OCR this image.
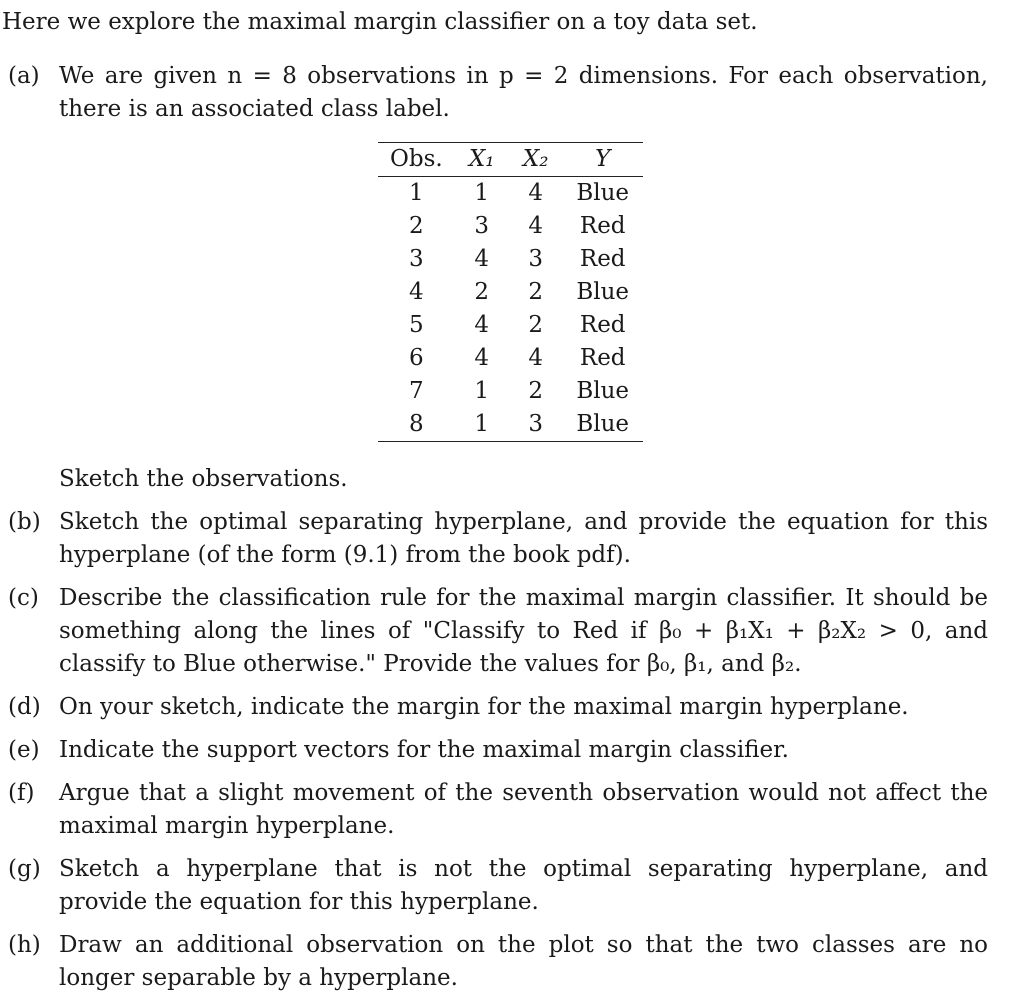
Here we explore the maximal margin classifier on a toy data set.

(a) We are given n = 8 observations in p = 2 dimensions. For each observation, there is an associated class label.
Obs.	X₁	X₂	Y
1	1	4	Blue
2	3	4	Red
3	4	3	Red
4	2	2	Blue
5	4	2	Red
6	4	4	Red
7	1	2	Blue
8	1	3	Blue

Sketch the observations.

(b) Sketch the optimal separating hyperplane, and provide the equation for this hyperplane (of the form (9.1) from the book pdf).
(c) Describe the classification rule for the maximal margin classifier. It should be something along the lines of "Classify to Red if β₀ + β₁X₁ + β₂X₂ > 0, and classify to Blue otherwise." Provide the values for β₀, β₁, and β₂.
(d) On your sketch, indicate the margin for the maximal margin hyperplane.
(e) Indicate the support vectors for the maximal margin classifier.
(f) Argue that a slight movement of the seventh observation would not affect the maximal margin hyperplane.
(g) Sketch a hyperplane that is not the optimal separating hyperplane, and provide the equation for this hyperplane.
(h) Draw an additional observation on the plot so that the two classes are no longer separable by a hyperplane.
